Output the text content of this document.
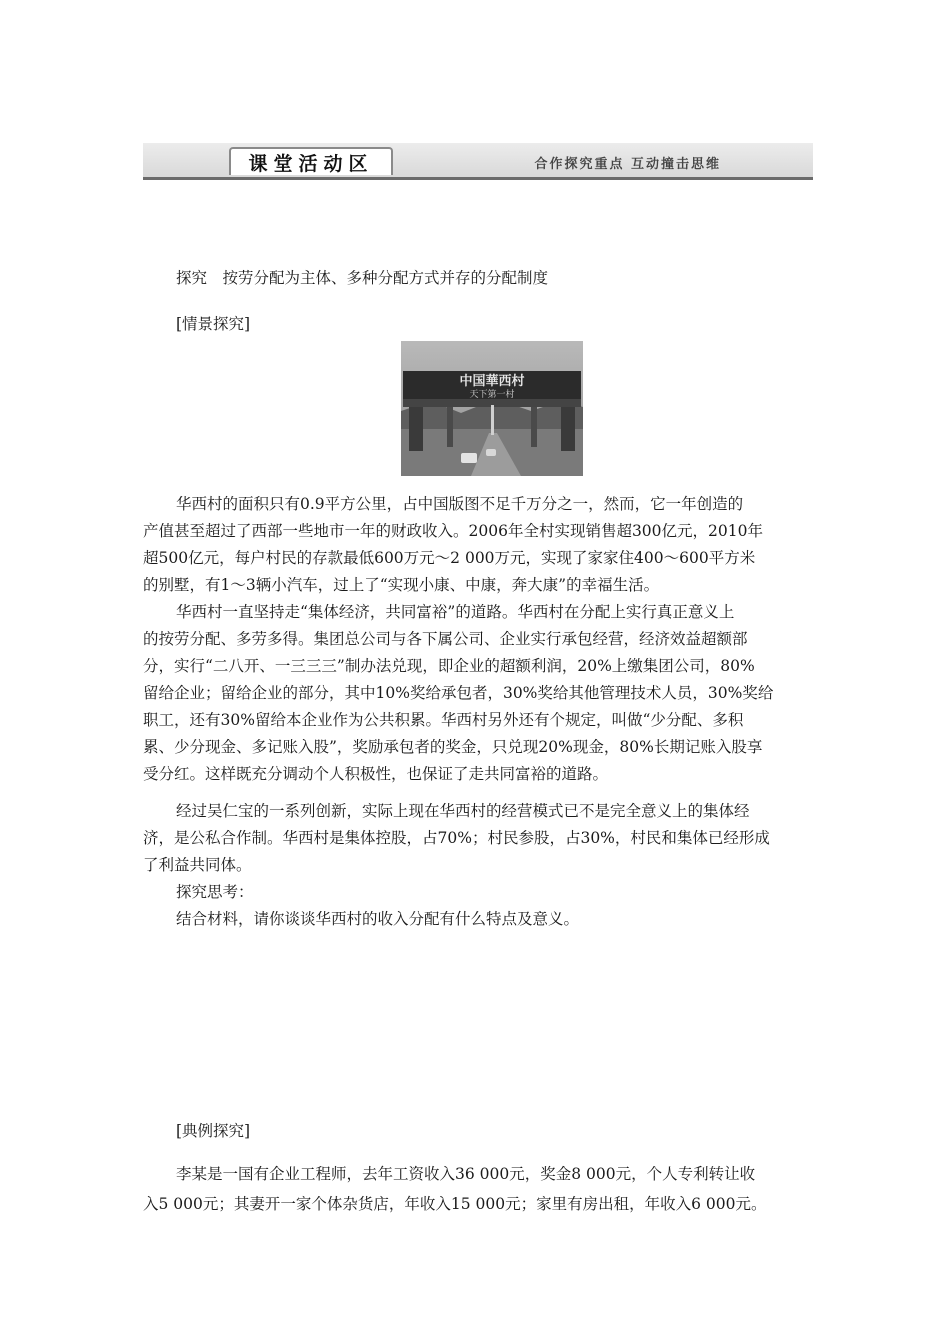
课堂活动区	合作探究重点 互动撞击思维
探究　按劳分配为主体、多种分配方式并存的分配制度
[情景探究]
中国華西村
天下第一村
华西村的面积只有0.9平方公里，占中国版图不足千万分之一，然而，它一年创造的
产值甚至超过了西部一些地市一年的财政收入。2006年全村实现销售超300亿元，2010年
超500亿元，每户村民的存款最低600万元～2 000万元，实现了家家住400～600平方米
的别墅，有1～3辆小汽车，过上了“实现小康、中康，奔大康”的幸福生活。
华西村一直坚持走“集体经济，共同富裕”的道路。华西村在分配上实行真正意义上
的按劳分配、多劳多得。集团总公司与各下属公司、企业实行承包经营，经济效益超额部
分，实行“二八开、一三三三”制办法兑现，即企业的超额利润，20%上缴集团公司，80%
留给企业；留给企业的部分，其中10%奖给承包者，30%奖给其他管理技术人员，30%奖给
职工，还有30%留给本企业作为公共积累。华西村另外还有个规定，叫做“少分配、多积
累、少分现金、多记账入股”，奖励承包者的奖金，只兑现20%现金，80%长期记账入股享
受分红。这样既充分调动个人积极性，也保证了走共同富裕的道路。
经过吴仁宝的一系列创新，实际上现在华西村的经营模式已不是完全意义上的集体经
济，是公私合作制。华西村是集体控股，占70%；村民参股，占30%，村民和集体已经形成
了利益共同体。
探究思考：
结合材料，请你谈谈华西村的收入分配有什么特点及意义。
[典例探究]
李某是一国有企业工程师，去年工资收入36 000元，奖金8 000元，个人专利转让收
入5 000元；其妻开一家个体杂货店，年收入15 000元；家里有房出租，年收入6 000元。
